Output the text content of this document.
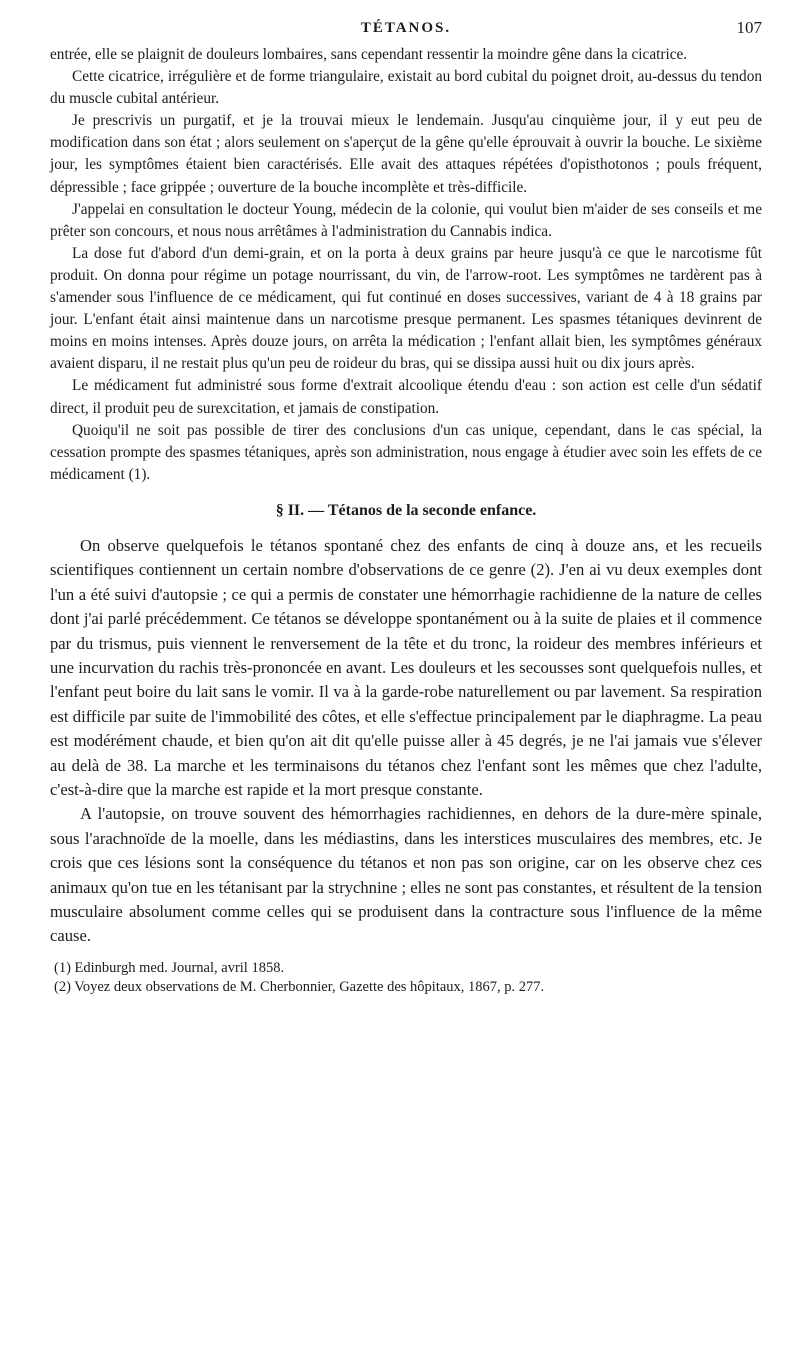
TÉTANOS.	107

entrée, elle se plaignit de douleurs lombaires, sans cependant ressentir la moindre gêne dans la cicatrice.

Cette cicatrice, irrégulière et de forme triangulaire, existait au bord cubital du poignet droit, au-dessus du tendon du muscle cubital antérieur.

Je prescrivis un purgatif, et je la trouvai mieux le lendemain. Jusqu'au cinquième jour, il y eut peu de modification dans son état ; alors seulement on s'aperçut de la gêne qu'elle éprouvait à ouvrir la bouche. Le sixième jour, les symptômes étaient bien caractérisés. Elle avait des attaques répétées d'opisthotonos ; pouls fréquent, dépressible ; face grippée ; ouverture de la bouche incomplète et très-difficile.

J'appelai en consultation le docteur Young, médecin de la colonie, qui voulut bien m'aider de ses conseils et me prêter son concours, et nous nous arrêtâmes à l'administration du Cannabis indica.

La dose fut d'abord d'un demi-grain, et on la porta à deux grains par heure jusqu'à ce que le narcotisme fût produit. On donna pour régime un potage nourrissant, du vin, de l'arrow-root. Les symptômes ne tardèrent pas à s'amender sous l'influence de ce médicament, qui fut continué en doses successives, variant de 4 à 18 grains par jour. L'enfant était ainsi maintenue dans un narcotisme presque permanent. Les spasmes tétaniques devinrent de moins en moins intenses. Après douze jours, on arrêta la médication ; l'enfant allait bien, les symptômes généraux avaient disparu, il ne restait plus qu'un peu de roideur du bras, qui se dissipa aussi huit ou dix jours après.

Le médicament fut administré sous forme d'extrait alcoolique étendu d'eau : son action est celle d'un sédatif direct, il produit peu de surexcitation, et jamais de constipation.

Quoiqu'il ne soit pas possible de tirer des conclusions d'un cas unique, cependant, dans le cas spécial, la cessation prompte des spasmes tétaniques, après son administration, nous engage à étudier avec soin les effets de ce médicament (1).

§ II. — Tétanos de la seconde enfance.

On observe quelquefois le tétanos spontané chez des enfants de cinq à douze ans, et les recueils scientifiques contiennent un certain nombre d'observations de ce genre (2). J'en ai vu deux exemples dont l'un a été suivi d'autopsie ; ce qui a permis de constater une hémorrhagie rachidienne de la nature de celles dont j'ai parlé précédemment. Ce tétanos se développe spontanément ou à la suite de plaies et il commence par du trismus, puis viennent le renversement de la tête et du tronc, la roideur des membres inférieurs et une incurvation du rachis très-prononcée en avant. Les douleurs et les secousses sont quelquefois nulles, et l'enfant peut boire du lait sans le vomir. Il va à la garde-robe naturellement ou par lavement. Sa respiration est difficile par suite de l'immobilité des côtes, et elle s'effectue principalement par le diaphragme. La peau est modérément chaude, et bien qu'on ait dit qu'elle puisse aller à 45 degrés, je ne l'ai jamais vue s'élever au delà de 38. La marche et les terminaisons du tétanos chez l'enfant sont les mêmes que chez l'adulte, c'est-à-dire que la marche est rapide et la mort presque constante.

A l'autopsie, on trouve souvent des hémorrhagies rachidiennes, en dehors de la dure-mère spinale, sous l'arachnoïde de la moelle, dans les médiastins, dans les interstices musculaires des membres, etc. Je crois que ces lésions sont la conséquence du tétanos et non pas son origine, car on les observe chez ces animaux qu'on tue en les tétanisant par la strychnine ; elles ne sont pas constantes, et résultent de la tension musculaire absolument comme celles qui se produisent dans la contracture sous l'influence de la même cause.

(1) Edinburgh med. Journal, avril 1858.

(2) Voyez deux observations de M. Cherbonnier, Gazette des hôpitaux, 1867, p. 277.
